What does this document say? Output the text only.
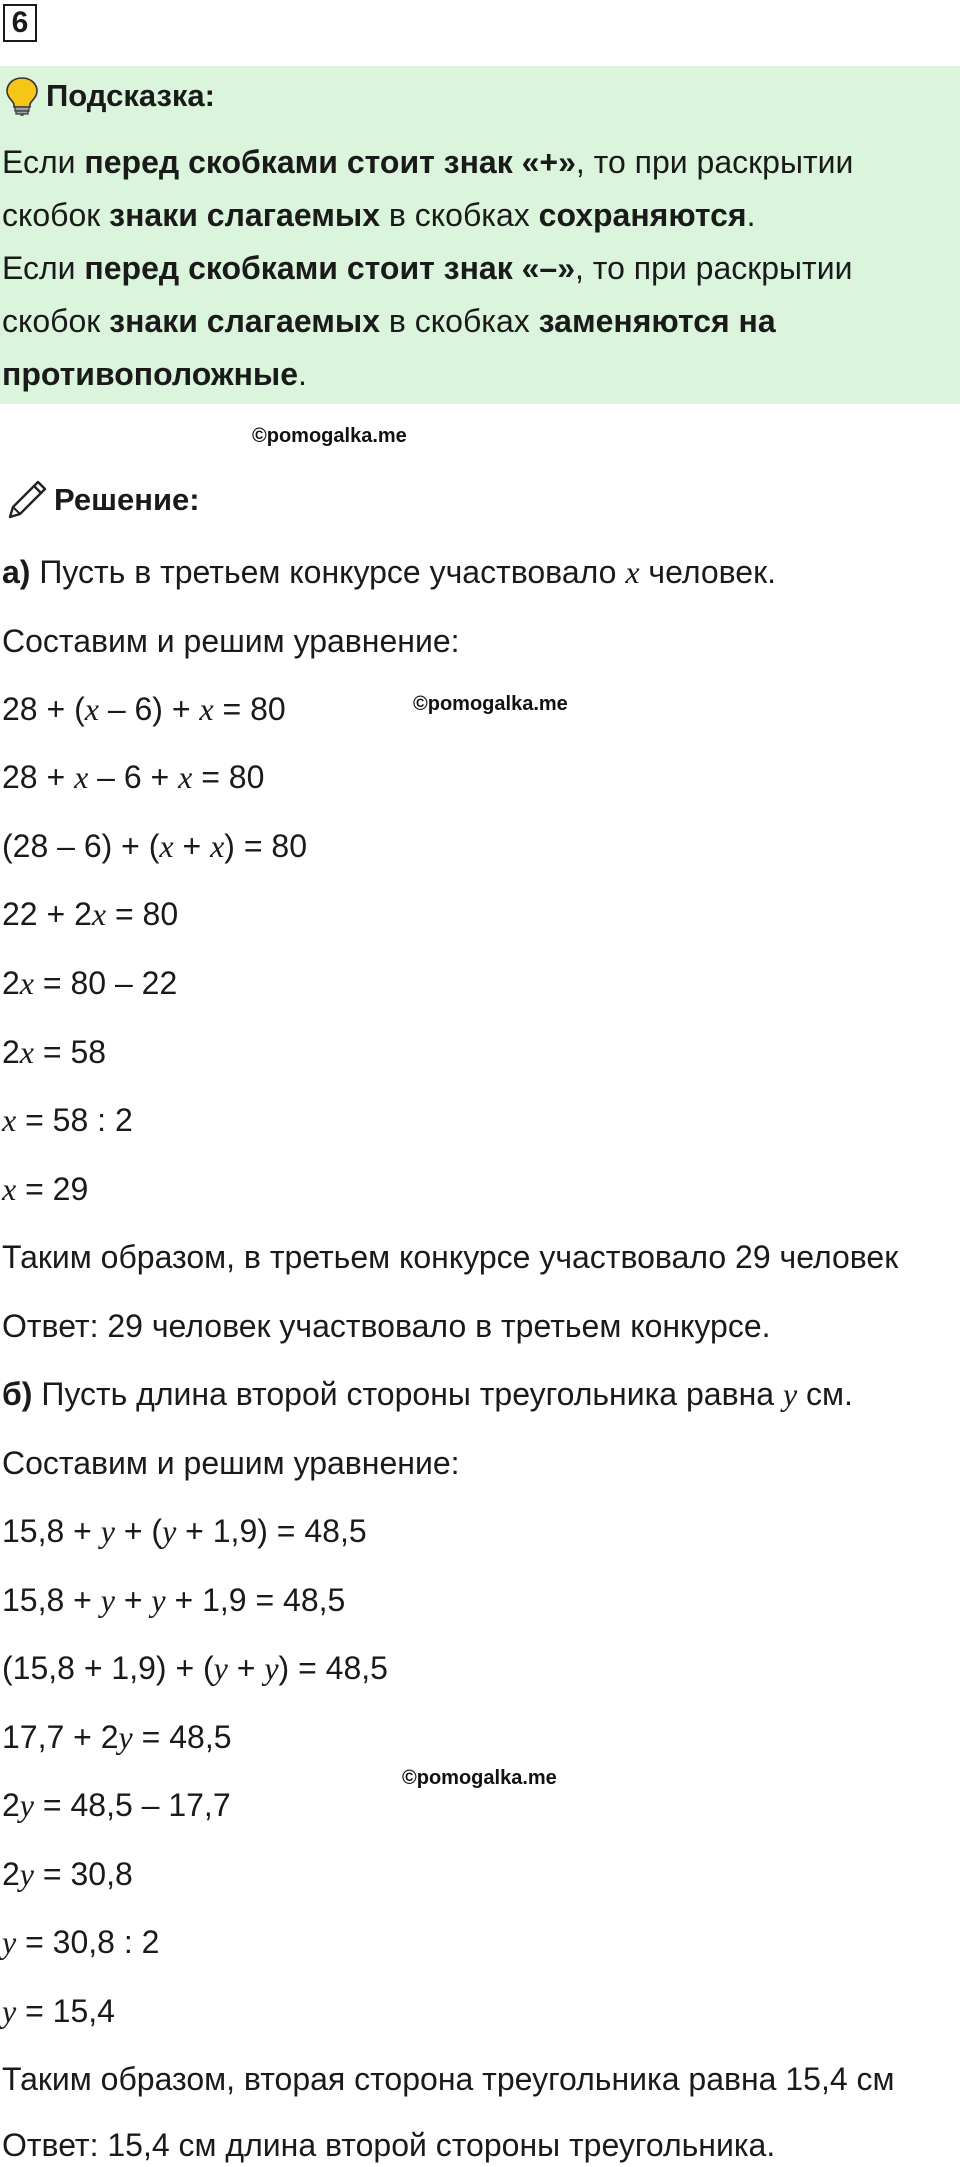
6
Подсказка:
Если перед скобками стоит знак «+», то при раскрытии скобок знаки слагаемых в скобках сохраняются.
Если перед скобками стоит знак «–», то при раскрытии скобок знаки слагаемых в скобках заменяются на противоположные.
©pomogalka.me
Решение:
а) Пусть в третьем конкурсе участвовало x человек.
Составим и решим уравнение:
28 + (x – 6) + x = 80	©pomogalka.me
28 + x – 6 + x = 80
(28 – 6) + (x + x) = 80
22 + 2x = 80
2x = 80 – 22
2x = 58
x = 58 : 2
x = 29
Таким образом, в третьем конкурсе участвовало 29 человек
Ответ: 29 человек участвовало в третьем конкурсе.
б) Пусть длина второй стороны треугольника равна y см.
Составим и решим уравнение:
15,8 + y + (y + 1,9) = 48,5
15,8 + y + y + 1,9 = 48,5
(15,8 + 1,9) + (y + y) = 48,5
17,7 + 2y = 48,5
©pomogalka.me
2y = 48,5 – 17,7
2y = 30,8
y = 30,8 : 2
y = 15,4
Таким образом, вторая сторона треугольника равна 15,4 см
Ответ: 15,4 см длина второй стороны треугольника.
